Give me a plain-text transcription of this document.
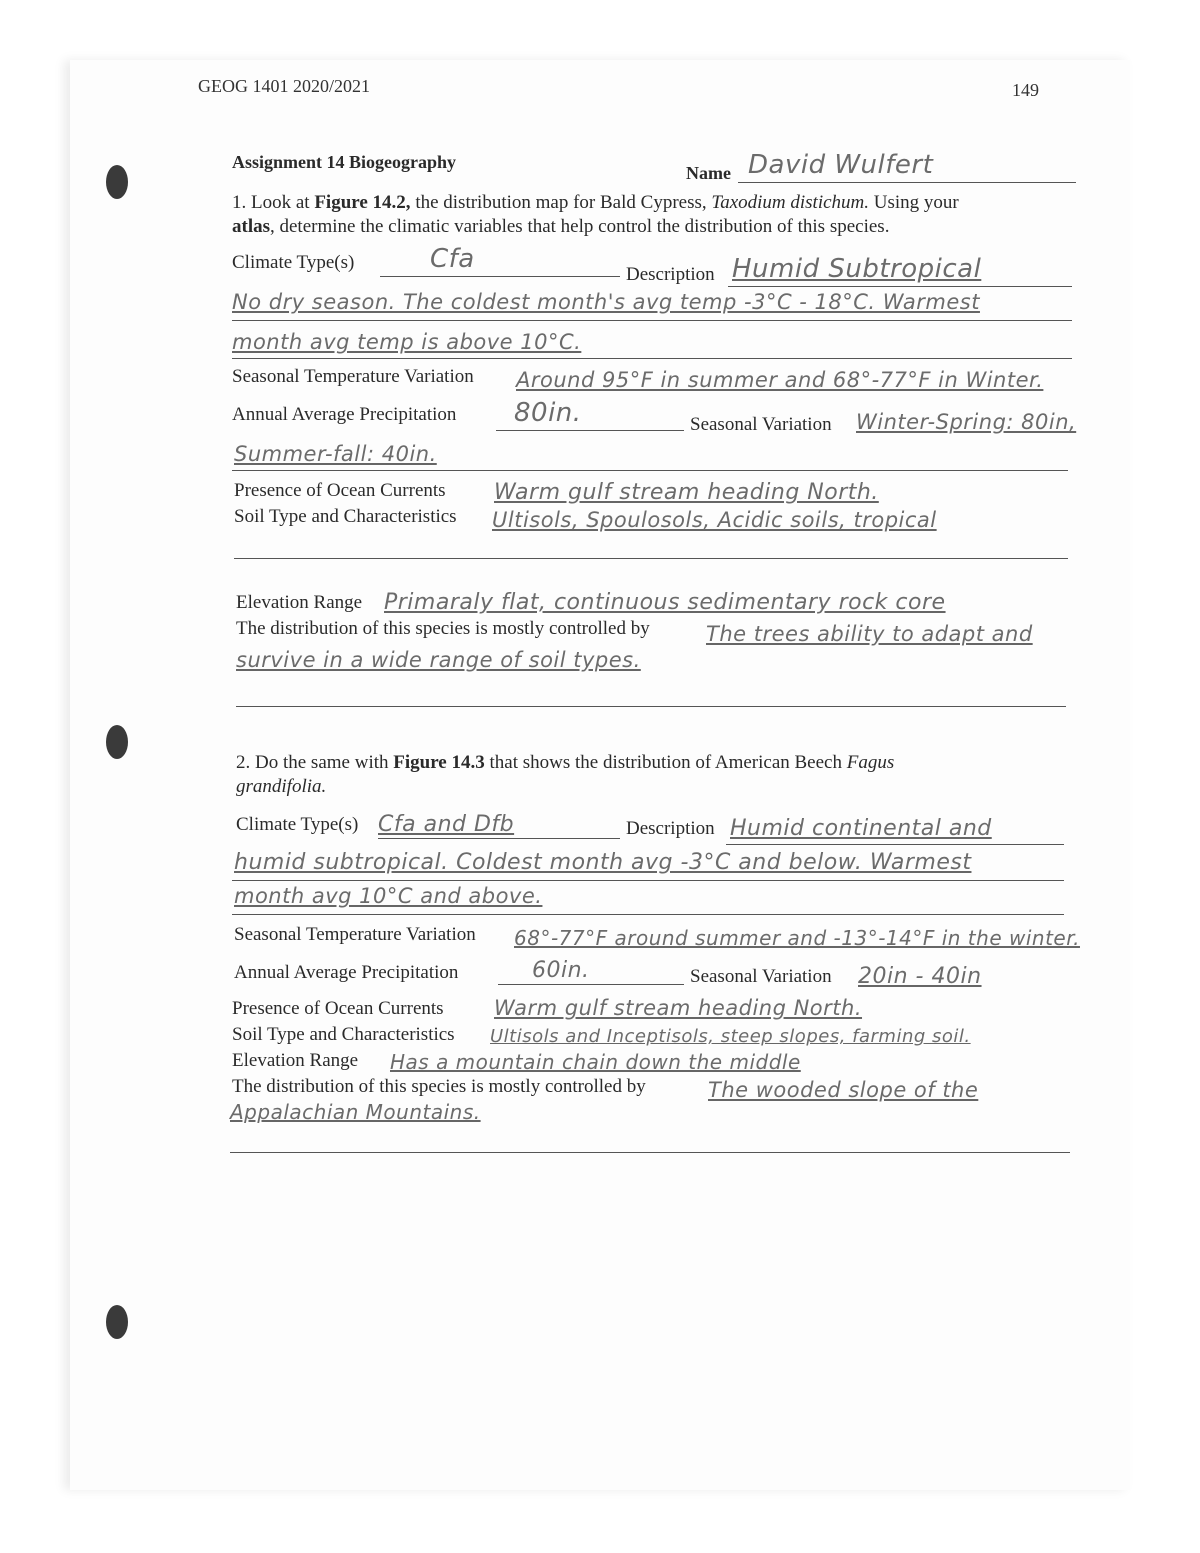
GEOG 1401 2020/2021	149
Assignment 14 Biogeography
Name David Wulfert
1. Look at Figure 14.2, the distribution map for Bald Cypress, Taxodium distichum. Using your
atlas, determine the climatic variables that help control the distribution of this species.
Climate Type(s)	Cfa
Description Humid Subtropical
No dry season. The coldest month's avg temp -3°C - 18°C. Warmest
month avg temp is above 10°C.
Seasonal Temperature Variation Around 95°F in summer and 68°-77°F in Winter.
Annual Average Precipitation 80in.	Seasonal Variation Winter-Spring: 80in,
Summer-fall: 40in.
Presence of Ocean Currents Warm gulf stream heading North.
Soil Type and Characteristics Ultisols, Spoulosols, Acidic soils, tropical
Elevation Range Primaraly flat, continuous sedimentary rock core
The distribution of this species is mostly controlled by	The trees ability to adapt and
survive in a wide range of soil types.
2. Do the same with Figure 14.3 that shows the distribution of American Beech Fagus
grandifolia.
Climate Type(s) Cfa and Dfb	Description Humid continental and
humid subtropical. Coldest month avg -3°C and below. Warmest
month avg 10°C and above.
Seasonal Temperature Variation 68°-77°F around summer and -13°-14°F in the winter.
Annual Average Precipitation	60in.	Seasonal Variation 20in - 40in
Presence of Ocean Currents Warm gulf stream heading North.
Soil Type and Characteristics Ultisols and Inceptisols, steep slopes, farming soil.
Elevation Range Has a mountain chain down the middle
The distribution of this species is mostly controlled by	The wooded slope of the
Appalachian Mountains.
